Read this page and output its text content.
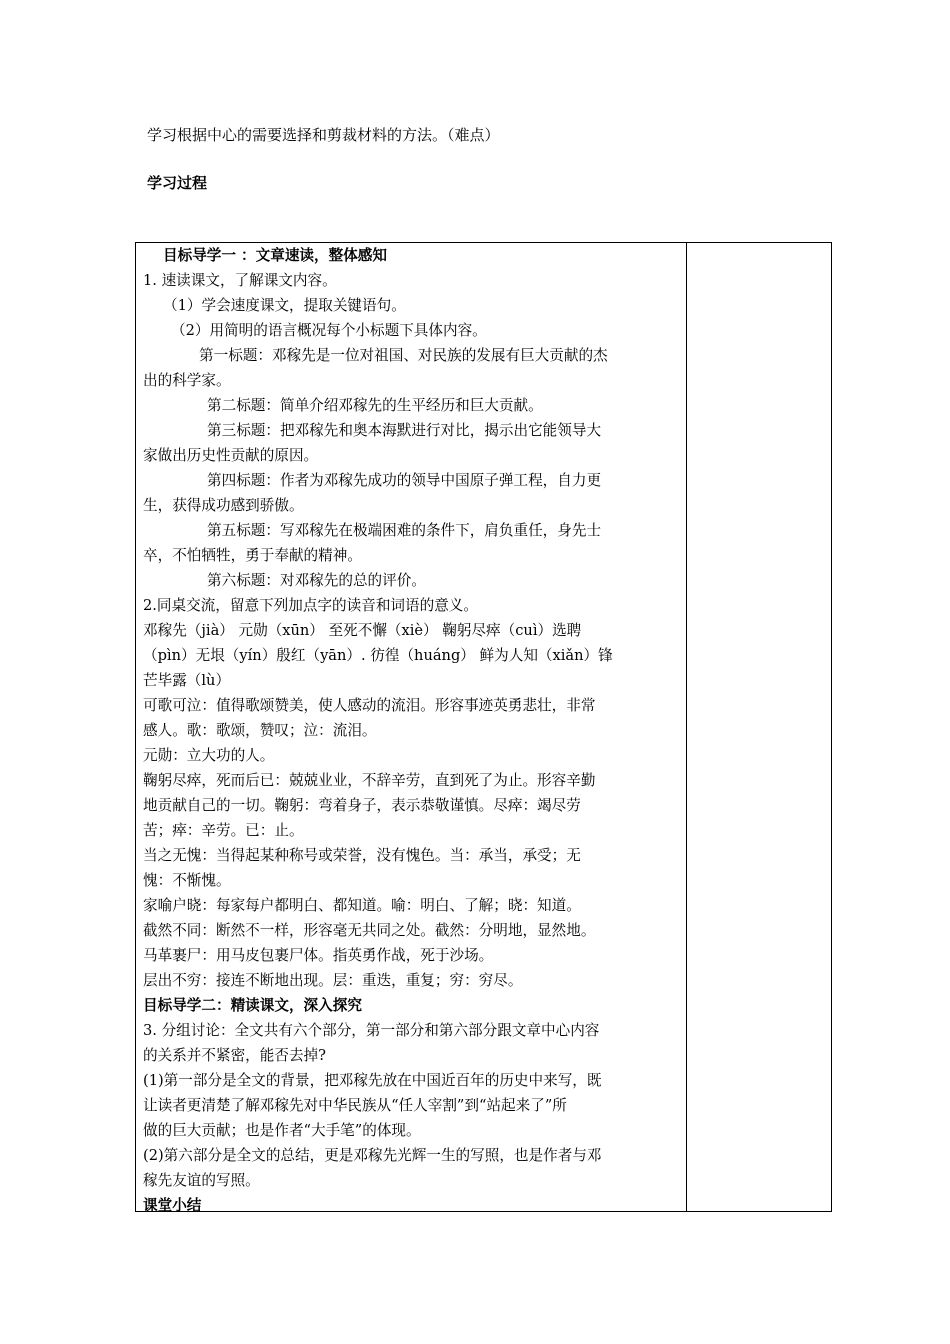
学习根据中心的需要选择和剪裁材料的方法。（难点）
学习过程

目标导学一 ：文章速读，整体感知

1. 速读课文，了解课文内容。

（1）学会速度课文，提取关键语句。

（2）用简明的语言概况每个小标题下具体内容。

第一标题：邓稼先是一位对祖国、对民族的发展有巨大贡献的杰

出的科学家。

第二标题：简单介绍邓稼先的生平经历和巨大贡献。

第三标题：把邓稼先和奥本海默进行对比，揭示出它能领导大

家做出历史性贡献的原因。

第四标题：作者为邓稼先成功的领导中国原子弹工程，自力更

生，获得成功感到骄傲。

第五标题：写邓稼先在极端困难的条件下，肩负重任，身先士

卒，不怕牺牲，勇于奉献的精神。

第六标题：对邓稼先的总的评价。

2.同桌交流，留意下列加点字的读音和词语的意义。

邓稼先（jià） 元勋（xūn） 至死不懈（xiè） 鞠躬尽瘁（cuì）选聘

（pìn）无垠（yín）殷红（yān）. 彷徨（huáng） 鲜为人知（xiǎn）锋

芒毕露（lù）

可歌可泣：值得歌颂赞美，使人感动的流泪。形容事迹英勇悲壮，非常

感人。歌：歌颂，赞叹；泣：流泪。

元勋：立大功的人。

鞠躬尽瘁，死而后已：兢兢业业，不辞辛劳，直到死了为止。形容辛勤

地贡献自己的一切。鞠躬：弯着身子，表示恭敬谨慎。尽瘁：竭尽劳

苦；瘁：辛劳。已：止。

当之无愧：当得起某种称号或荣誉，没有愧色。当：承当，承受；无

愧：不惭愧。

家喻户晓：每家每户都明白、都知道。喻：明白、了解；晓：知道。

截然不同：断然不一样，形容毫无共同之处。截然：分明地，显然地。

马革裹尸：用马皮包裹尸体。指英勇作战，死于沙场。

层出不穷：接连不断地出现。层：重迭，重复；穷：穷尽。

目标导学二：精读课文，深入探究

3. 分组讨论：全文共有六个部分，第一部分和第六部分跟文章中心内容

的关系并不紧密，能否去掉?

(1)第一部分是全文的背景，把邓稼先放在中国近百年的历史中来写，既

让读者更清楚了解邓稼先对中华民族从“任人宰割”到“站起来了”所

做的巨大贡献；也是作者“大手笔”的体现。

(2)第六部分是全文的总结，更是邓稼先光辉一生的写照，也是作者与邓

稼先友谊的写照。

课堂小结
